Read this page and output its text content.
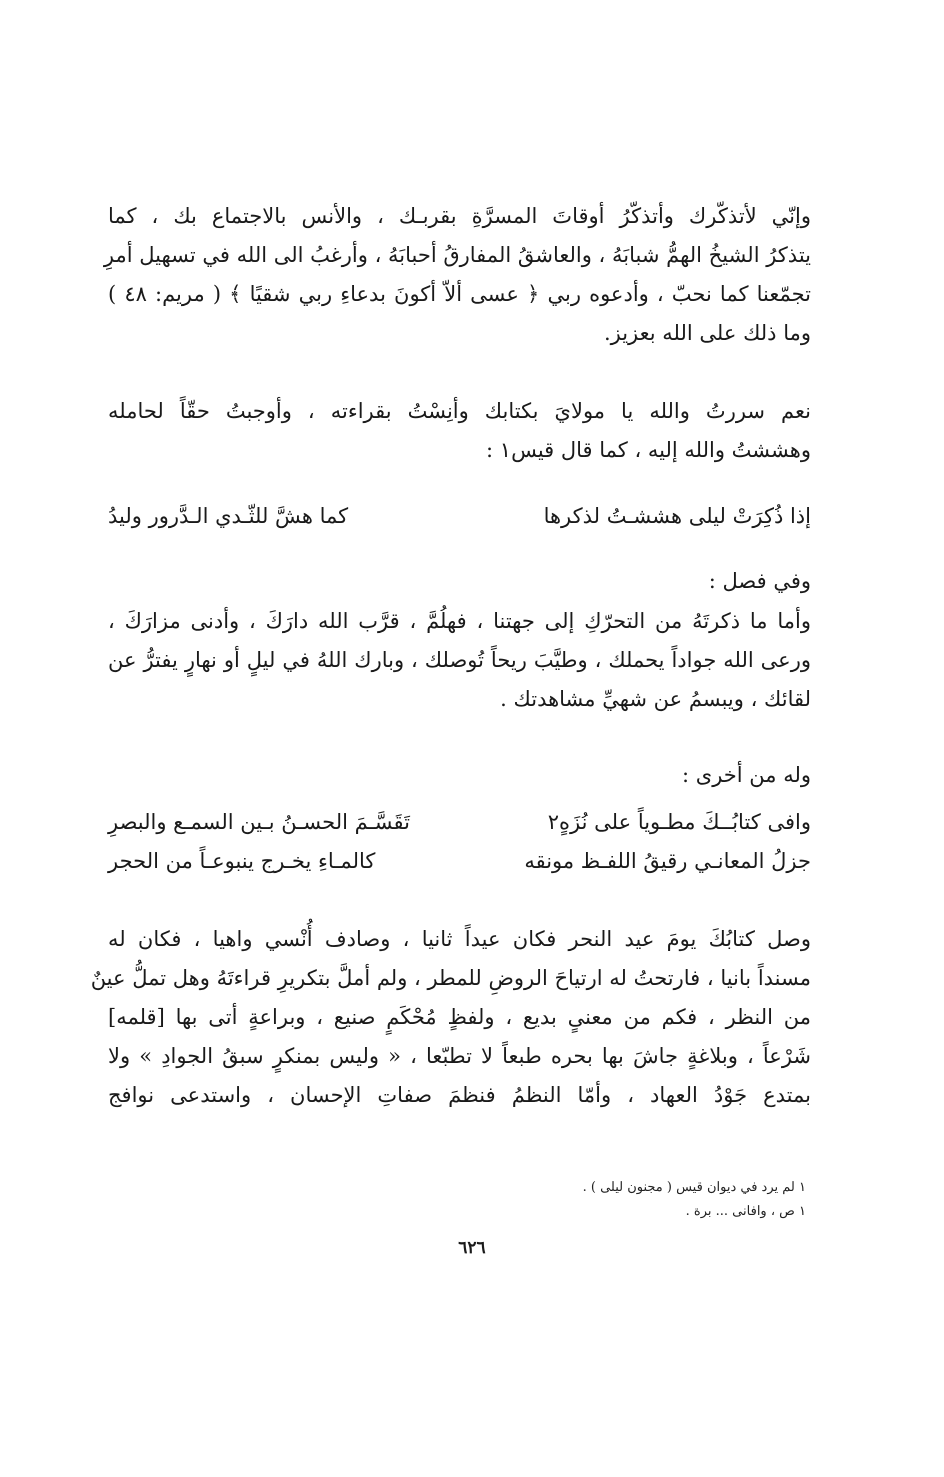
وإنّي لأتذكّرك وأتذكّرُ أوقاتَ المسرَّةِ بقربـك ، والأنس بالاجتماع بك ، كما
يتذكرُ الشيخُ الهمُّ شبابَهُ ، والعاشقُ المفارقُ أحبابَهُ ، وأرغبُ الى الله في تسهيل أمرِ
تجمّعنا كما نحبّ ، وأدعوه ربي ﴿ عسى ألاّ أكونَ بدعاءِ ربي شقيًا ﴾ ( مريم: ٤٨ )
وما ذلك على الله بعزيز.
نعم سررتُ والله يا مولايَ بكتابك وأنِسْتُ بقراءته ، وأوجبتُ حقّاً لحامله
وهششتُ والله إليه ، كما قال قيس١ :
إذا ذُكِرَتْ ليلى هششـتُ لذكرها
كما هشَّ للثّـدي الـدَّرور وليدُ
وفي فصل :
وأما ما ذكرتَهُ من التحرّكِ إلى جهتنا ، فهلُمَّ ، قرَّب الله دارَكَ ، وأدنى مزارَكَ ،
ورعى الله جواداً يحملك ، وطيَّبَ ريحاً تُوصلك ، وبارك اللهُ في ليلٍ أو نهارٍ يفترُّ عن
لقائك ، ويبسمُ عن شهيِّ مشاهدتك .
وله من أخرى :
وافى كتابُــكَ مطـوياً على نُزَهٍ٢
تَقَسَّـمَ الحسـنُ بـين السمـع والبصرِ
جزلُ المعانـي رقيقُ اللفـظ مونقه
كالمـاءِ يخـرج ينبوعـاً من الحجر
وصل كتابُكَ يومَ عيد النحر فكان عيداً ثانيا ، وصادف أُنْسي واهيا ، فكان له
مسنداً بانيا ، فارتحتُ له ارتياحَ الروضِ للمطر ، ولم أملَّ بتكريرِ قراءتَهُ وهل تملُّ عينٌ
من النظر ، فكم من معنىٍ بديع ، ولفظٍ مُحْكَمٍ صنيع ، وبراعةٍ أتى بها [قلمه]
شَرْعاً ، وبلاغةٍ جاشَ بها بحره طبعاً لا تطبّعا ، « وليس بمنكرٍ سبقُ الجوادِ » ولا
بمتدع جَوْدُ العهاد ، وأمّا النظمُ فنظمَ صفاتِ الإحسان ، واستدعى نوافج
١ لم يرد في ديوان قيس ( مجنون ليلى ) .
١ ص ، وافانى ... برة .
٦٢٦
